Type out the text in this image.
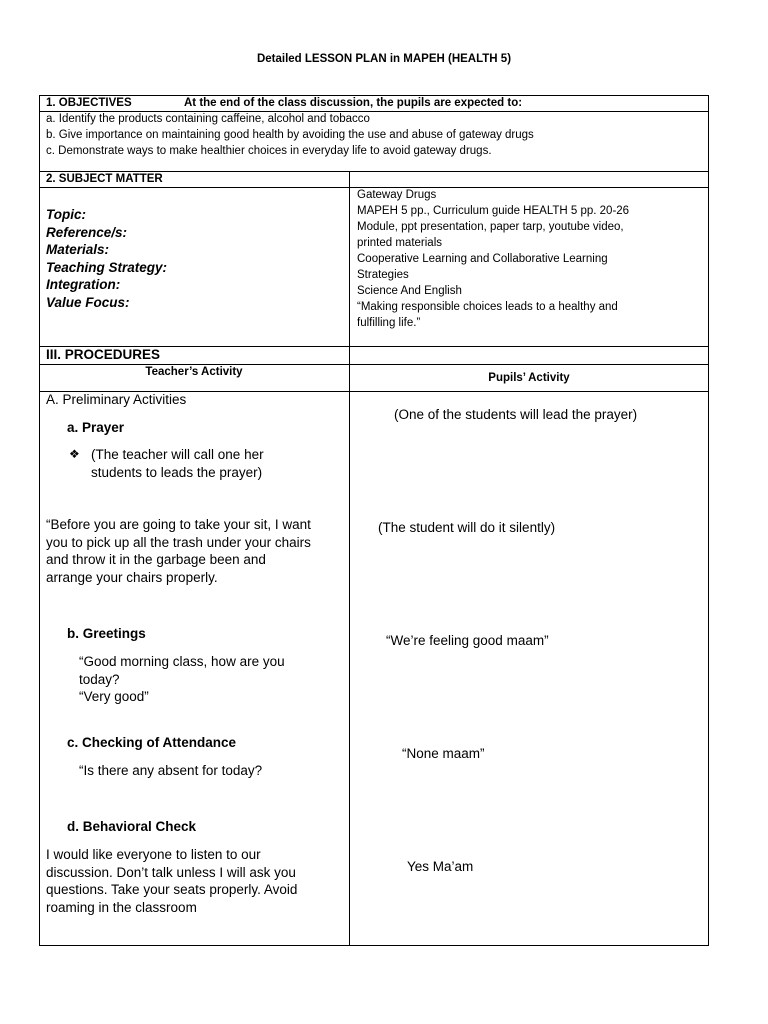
Detailed LESSON PLAN in MAPEH (HEALTH 5)
1. OBJECTIVES	At the end of the class discussion, the pupils are expected to:
a. Identify the products containing caffeine, alcohol and tobacco
b. Give importance on maintaining good health by avoiding the use and abuse of gateway drugs
c. Demonstrate ways to make healthier choices in everyday life to avoid gateway drugs.
2. SUBJECT MATTER
Topic:
Reference/s:
Materials:
Teaching Strategy:
Integration:
Value Focus:
Gateway Drugs
MAPEH 5 pp., Curriculum guide HEALTH 5 pp. 20-26
Module, ppt presentation, paper tarp, youtube video,
printed materials
Cooperative Learning and Collaborative Learning
Strategies
Science And English
“Making responsible choices leads to a healthy and
fulfilling life.”
III. PROCEDURES
Teacher’s Activity	Pupils’ Activity
A. Preliminary Activities
a. Prayer
❖ (The teacher will call one her
students to leads the prayer)
(One of the students will lead the prayer)
“Before you are going to take your sit, I want
you to pick up all the trash under your chairs
and throw it in the garbage been and
arrange your chairs properly.
(The student will do it silently)
b. Greetings
“Good morning class, how are you
today?
“Very good”
“We’re feeling good maam”
c. Checking of Attendance
“Is there any absent for today?
“None maam”
d. Behavioral Check
I would like everyone to listen to our
discussion. Don’t talk unless I will ask you
questions. Take your seats properly. Avoid
roaming in the classroom
Yes Ma’am
